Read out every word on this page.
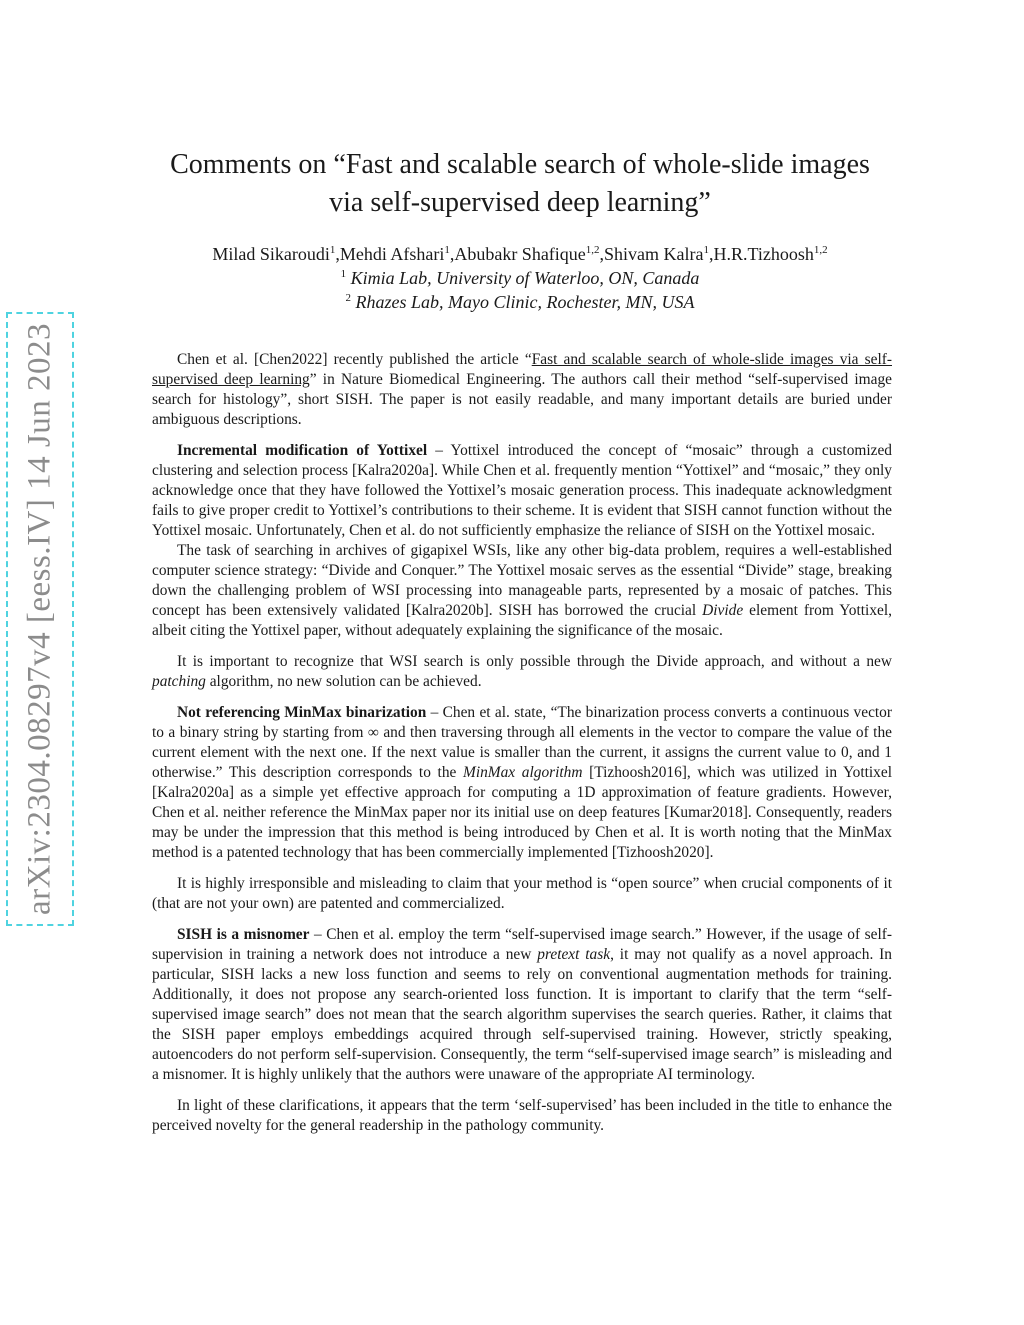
arXiv:2304.08297v4 [eess.IV] 14 Jun 2023
Comments on “Fast and scalable search of whole-slide images
via self-supervised deep learning”
Milad Sikaroudi$^1$,Mehdi Afshari$^1$,Abubakr Shafique$^{1,2}$,Shivam Kalra$^1$,H.R.Tizhoosh$^{1,2}$
$^1$ Kimia Lab, University of Waterloo, ON, Canada
$^2$ Rhazes Lab, Mayo Clinic, Rochester, MN, USA

Chen et al. [Chen2022] recently published the article “Fast and scalable search of whole-slide images via self-supervised deep learning” in Nature Biomedical Engineering. The authors call their method “self-supervised image search for histology”, short SISH. The paper is not easily readable, and many important details are buried under ambiguous descriptions.

Incremental modification of Yottixel – Yottixel introduced the concept of “mosaic” through a customized clustering and selection process [Kalra2020a]. While Chen et al. frequently mention “Yottixel” and “mosaic,” they only acknowledge once that they have followed the Yottixel’s mosaic generation process. This inadequate acknowledgment fails to give proper credit to Yottixel’s contributions to their scheme. It is evident that SISH cannot function without the Yottixel mosaic. Unfortunately, Chen et al. do not sufficiently emphasize the reliance of SISH on the Yottixel mosaic.

The task of searching in archives of gigapixel WSIs, like any other big-data problem, requires a well-established computer science strategy: “Divide and Conquer.” The Yottixel mosaic serves as the essential “Divide” stage, breaking down the challenging problem of WSI processing into manageable parts, represented by a mosaic of patches. This concept has been extensively validated [Kalra2020b]. SISH has borrowed the crucial Divide element from Yottixel, albeit citing the Yottixel paper, without adequately explaining the significance of the mosaic.

It is important to recognize that WSI search is only possible through the Divide approach, and without a new patching algorithm, no new solution can be achieved.

Not referencing MinMax binarization – Chen et al. state, “The binarization process converts a continuous vector to a binary string by starting from ∞ and then traversing through all elements in the vector to compare the value of the current element with the next one. If the next value is smaller than the current, it assigns the current value to 0, and 1 otherwise.” This description corresponds to the MinMax algorithm [Tizhoosh2016], which was utilized in Yottixel [Kalra2020a] as a simple yet effective approach for computing a 1D approximation of feature gradients. However, Chen et al. neither reference the MinMax paper nor its initial use on deep features [Kumar2018]. Consequently, readers may be under the impression that this method is being introduced by Chen et al. It is worth noting that the MinMax method is a patented technology that has been commercially implemented [Tizhoosh2020].

It is highly irresponsible and misleading to claim that your method is “open source” when crucial components of it (that are not your own) are patented and commercialized.

SISH is a misnomer – Chen et al. employ the term “self-supervised image search.” However, if the usage of self-supervision in training a network does not introduce a new pretext task, it may not qualify as a novel approach. In particular, SISH lacks a new loss function and seems to rely on conventional augmentation methods for training. Additionally, it does not propose any search-oriented loss function. It is important to clarify that the term “self-supervised image search” does not mean that the search algorithm supervises the search queries. Rather, it claims that the SISH paper employs embeddings acquired through self-supervised training. However, strictly speaking, autoencoders do not perform self-supervision. Consequently, the term “self-supervised image search” is misleading and a misnomer. It is highly unlikely that the authors were unaware of the appropriate AI terminology.

In light of these clarifications, it appears that the term ‘self-supervised’ has been included in the title to enhance the perceived novelty for the general readership in the pathology community.
